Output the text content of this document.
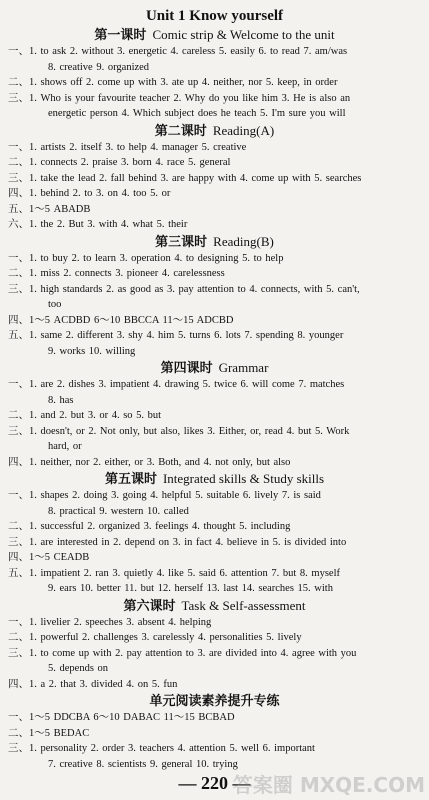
Unit 1 Know yourself
第一课时 Comic strip & Welcome to the unit
一、1. to ask 2. without 3. energetic 4. careless 5. easily 6. to read 7. am/was
8. creative 9. organized
二、1. shows off 2. come up with 3. ate up 4. neither, nor 5. keep, in order
三、1. Who is your favourite teacher 2. Why do you like him 3. He is also an
energetic person 4. Which subject does he teach 5. I'm sure you will
第二课时 Reading(A)
一、1. artists 2. itself 3. to help 4. manager 5. creative
二、1. connects 2. praise 3. born 4. race 5. general
三、1. take the lead 2. fall behind 3. are happy with 4. come up with 5. searches
四、1. behind 2. to 3. on 4. too 5. or
五、1～5 ABADB
六、1. the 2. But 3. with 4. what 5. their
第三课时 Reading(B)
一、1. to buy 2. to learn 3. operation 4. to designing 5. to help
二、1. miss 2. connects 3. pioneer 4. carelessness
三、1. high standards 2. as good as 3. pay attention to 4. connects, with 5. can't,
too
四、1～5 ACDBD 6～10 BBCCA 11～15 ADCBD
五、1. same 2. different 3. shy 4. him 5. turns 6. lots 7. spending 8. younger
9. works 10. willing
第四课时 Grammar
一、1. are 2. dishes 3. impatient 4. drawing 5. twice 6. will come 7. matches
8. has
二、1. and 2. but 3. or 4. so 5. but
三、1. doesn't, or 2. Not only, but also, likes 3. Either, or, read 4. but 5. Work
hard, or
四、1. neither, nor 2. either, or 3. Both, and 4. not only, but also
第五课时 Integrated skills & Study skills
一、1. shapes 2. doing 3. going 4. helpful 5. suitable 6. lively 7. is said
8. practical 9. western 10. called
二、1. successful 2. organized 3. feelings 4. thought 5. including
三、1. are interested in 2. depend on 3. in fact 4. believe in 5. is divided into
四、1～5 CEADB
五、1. impatient 2. ran 3. quietly 4. like 5. said 6. attention 7. but 8. myself
9. ears 10. better 11. but 12. herself 13. last 14. searches 15. with
第六课时 Task & Self-assessment
一、1. livelier 2. speeches 3. absent 4. helping
二、1. powerful 2. challenges 3. carelessly 4. personalities 5. lively
三、1. to come up with 2. pay attention to 3. are divided into 4. agree with you
5. depends on
四、1. a 2. that 3. divided 4. on 5. fun
单元阅读素养提升专练
一、1～5 DDCBA 6～10 DABAC 11～15 BCBAD
二、1～5 BEDAC
三、1. personality 2. order 3. teachers 4. attention 5. well 6. important
7. creative 8. scientists 9. general 10. trying
— 220 —
答案圈 MXQE.COM
